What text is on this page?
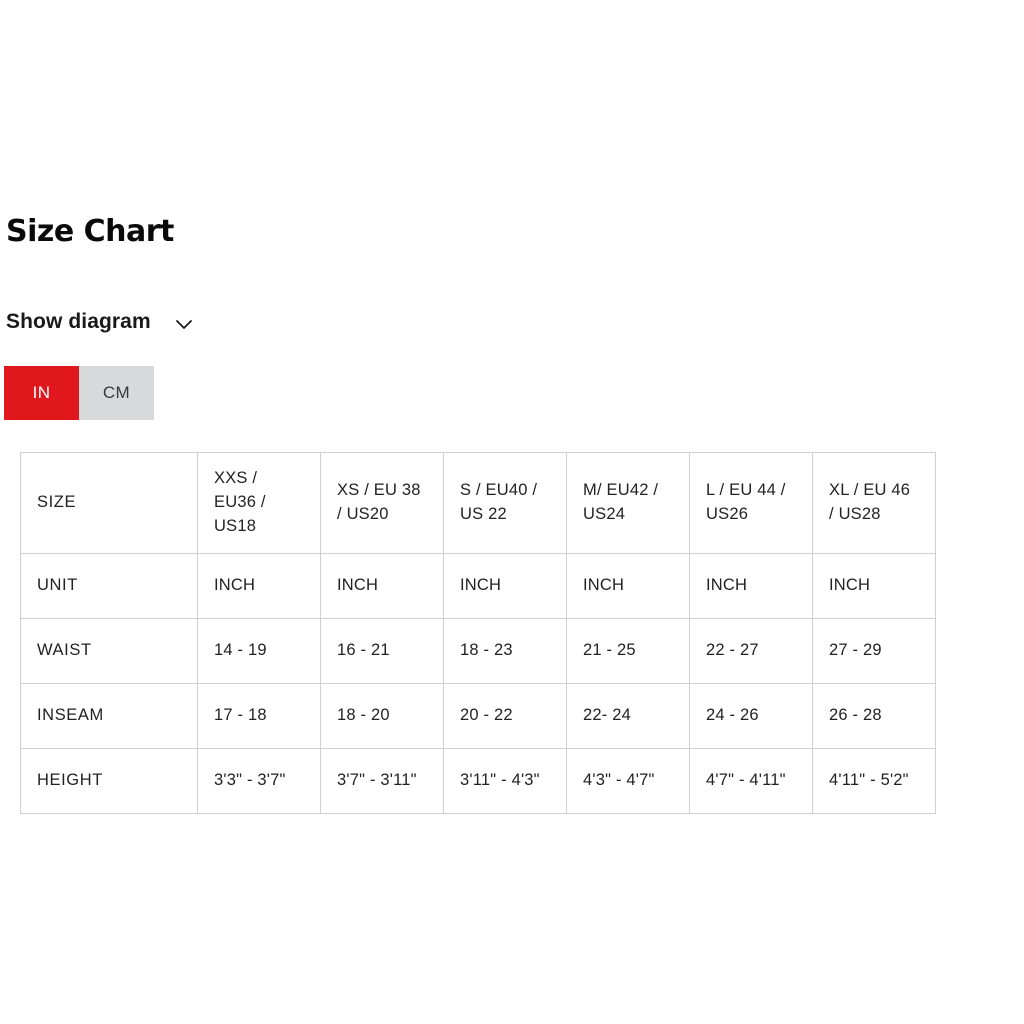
Size Chart
Show diagram
IN	CM
SIZE	XXS / EU36 / US18	XS / EU 38 / US20	S / EU40 / US 22	M/ EU42 / US24	L / EU 44 / US26	XL / EU 46 / US28
UNIT	INCH	INCH	INCH	INCH	INCH	INCH
WAIST	14 - 19	16 - 21	18 - 23	21 - 25	22 - 27	27 - 29
INSEAM	17 - 18	18 - 20	20 - 22	22- 24	24 - 26	26 - 28
HEIGHT	3'3" - 3'7"	3'7" - 3'11"	3'11" - 4'3"	4'3" - 4'7"	4'7" - 4'11"	4'11" - 5'2"
